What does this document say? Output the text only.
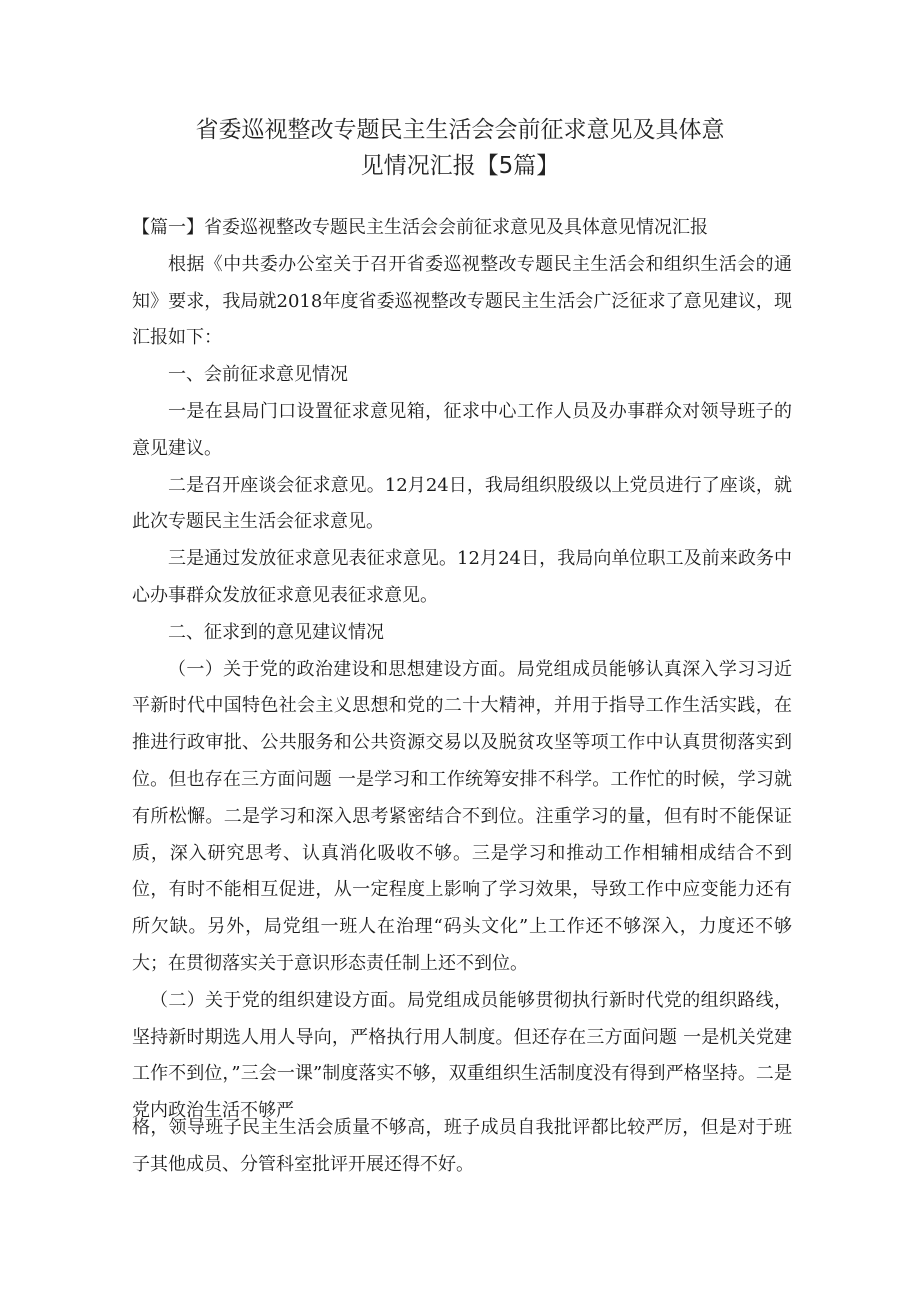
省委巡视整改专题民主生活会会前征求意见及具体意
见情况汇报【5篇】

【篇一】省委巡视整改专题民主生活会会前征求意见及具体意见情况汇报

根据《中共委办公室关于召开省委巡视整改专题民主生活会和组织生活会的通知》要求，我局就2018年度省委巡视整改专题民主生活会广泛征求了意见建议，现汇报如下：

一、会前征求意见情况

一是在县局门口设置征求意见箱，征求中心工作人员及办事群众对领导班子的意见建议。

二是召开座谈会征求意见。12月24日，我局组织股级以上党员进行了座谈，就此次专题民主生活会征求意见。

三是通过发放征求意见表征求意见。12月24日，我局向单位职工及前来政务中心办事群众发放征求意见表征求意见。

二、征求到的意见建议情况

（一）关于党的政治建设和思想建设方面。局党组成员能够认真深入学习习近平新时代中国特色社会主义思想和党的二十大精神，并用于指导工作生活实践，在推进行政审批、公共服务和公共资源交易以及脱贫攻坚等项工作中认真贯彻落实到位。但也存在三方面问题 一是学习和工作统筹安排不科学。工作忙的时候，学习就有所松懈。二是学习和深入思考紧密结合不到位。注重学习的量，但有时不能保证质，深入研究思考、认真消化吸收不够。三是学习和推动工作相辅相成结合不到位，有时不能相互促进，从一定程度上影响了学习效果，导致工作中应变能力还有所欠缺。另外，局党组一班人在治理“码头文化”上工作还不够深入，力度还不够大；在贯彻落实关于意识形态责任制上还不到位。

（二）关于党的组织建设方面。局党组成员能够贯彻执行新时代党的组织路线，坚持新时期选人用人导向，严格执行用人制度。但还存在三方面问题 一是机关党建工作不到位，”三会一课”制度落实不够，双重组织生活制度没有得到严格坚持。二是党内政治生活不够严

格，领导班子民主生活会质量不够高，班子成员自我批评都比较严厉，但是对于班子其他成员、分管科室批评开展还得不好。
